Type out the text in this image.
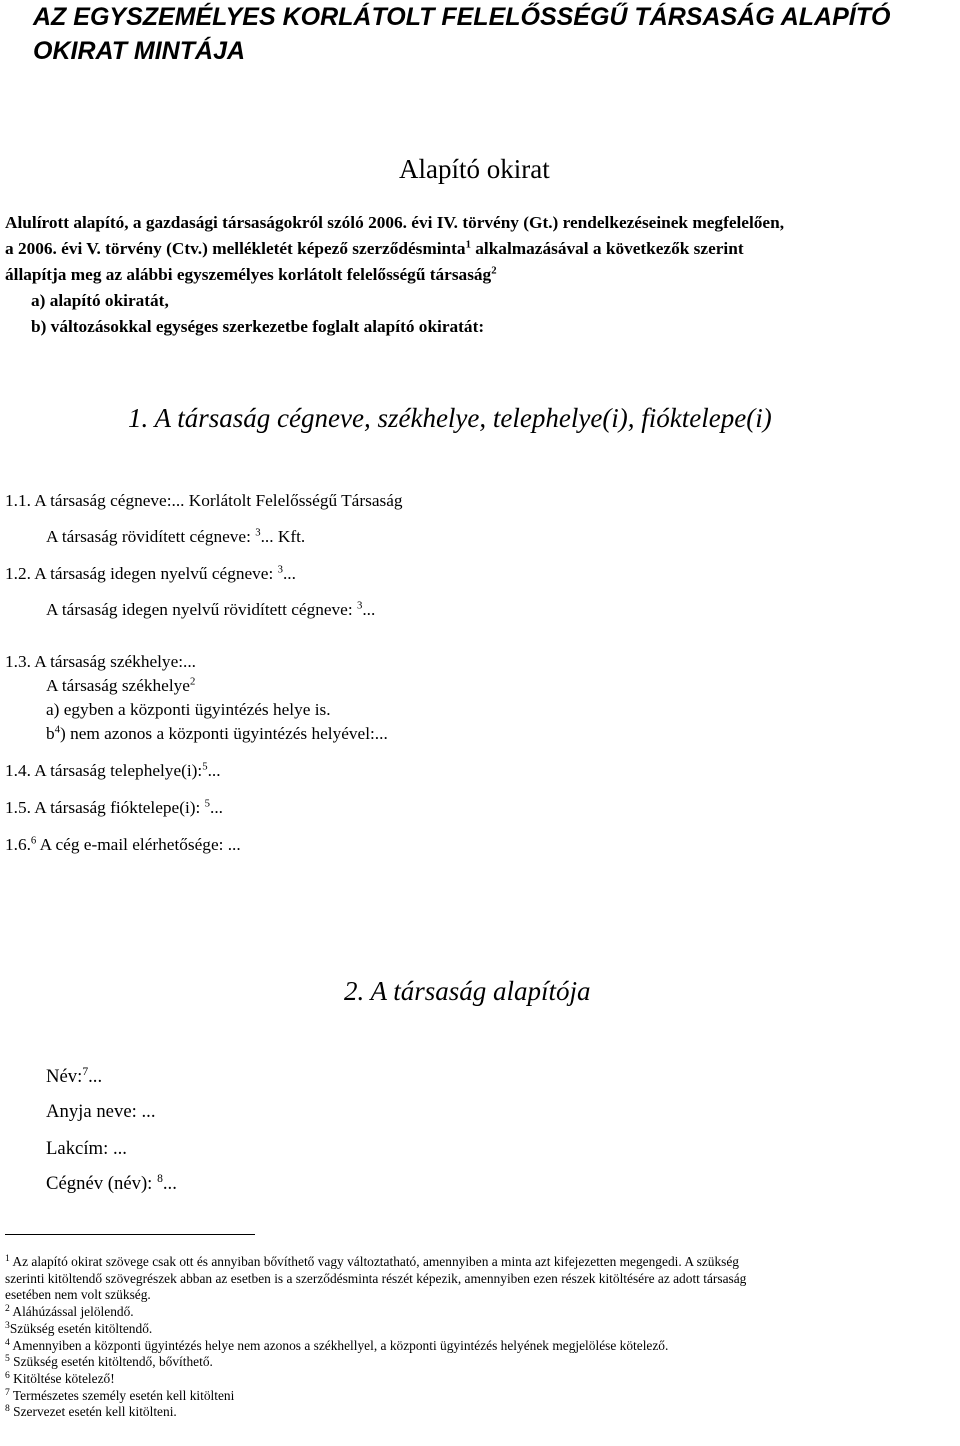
AZ EGYSZEMÉLYES KORLÁTOLT FELELŐSSÉGŰ TÁRSASÁG ALAPÍTÓ OKIRAT MINTÁJA
Alapító okirat
Alulírott alapító, a gazdasági társaságokról szóló 2006. évi IV. törvény (Gt.) rendelkezéseinek megfelelően,
a 2006. évi V. törvény (Ctv.) mellékletét képező szerződésminta$^1$ alkalmazásával a következők szerint
állapítja meg az alábbi egyszemélyes korlátolt felelősségű társaság$^2$
a) alapító okiratát,
b) változásokkal egységes szerkezetbe foglalt alapító okiratát:
1. A társaság cégneve, székhelye, telephelye(i), fióktelepe(i)
1.1. A társaság cégneve:... Korlátolt Felelősségű Társaság
A társaság rövidített cégneve: $^3$... Kft.
1.2. A társaság idegen nyelvű cégneve: $^3$...
A társaság idegen nyelvű rövidített cégneve: $^3$...
1.3. A társaság székhelye:...
A társaság székhelye$^2$
a) egyben a központi ügyintézés helye is.
$b^4$) nem azonos a központi ügyintézés helyével:...
1.4. A társaság telephelye(i):$^5$...
1.5. A társaság fióktelepe(i): $^5$...
1.6.$^6$ A cég e-mail elérhetősége: ...
2. A társaság alapítója
Név:$^7$...
Anyja neve: ...
Lakcím: ...
Cégnév (név): $^8$...
$^1$ Az alapító okirat szövege csak ott és annyiban bővíthető vagy változtatható, amennyiben a minta azt kifejezetten megengedi. A szükség
szerinti kitöltendő szövegrészek abban az esetben is a szerződésminta részét képezik, amennyiben ezen részek kitöltésére az adott társaság
esetében nem volt szükség.
$^2$ Aláhúzással jelölendő.
$^3$Szükség esetén kitöltendő.
$^4$ Amennyiben a központi ügyintézés helye nem azonos a székhellyel, a központi ügyintézés helyének megjelölése kötelező.
$^5$ Szükség esetén kitöltendő, bővíthető.
$^6$ Kitöltése kötelező!
$^7$ Természetes személy esetén kell kitölteni
$^8$ Szervezet esetén kell kitölteni.
